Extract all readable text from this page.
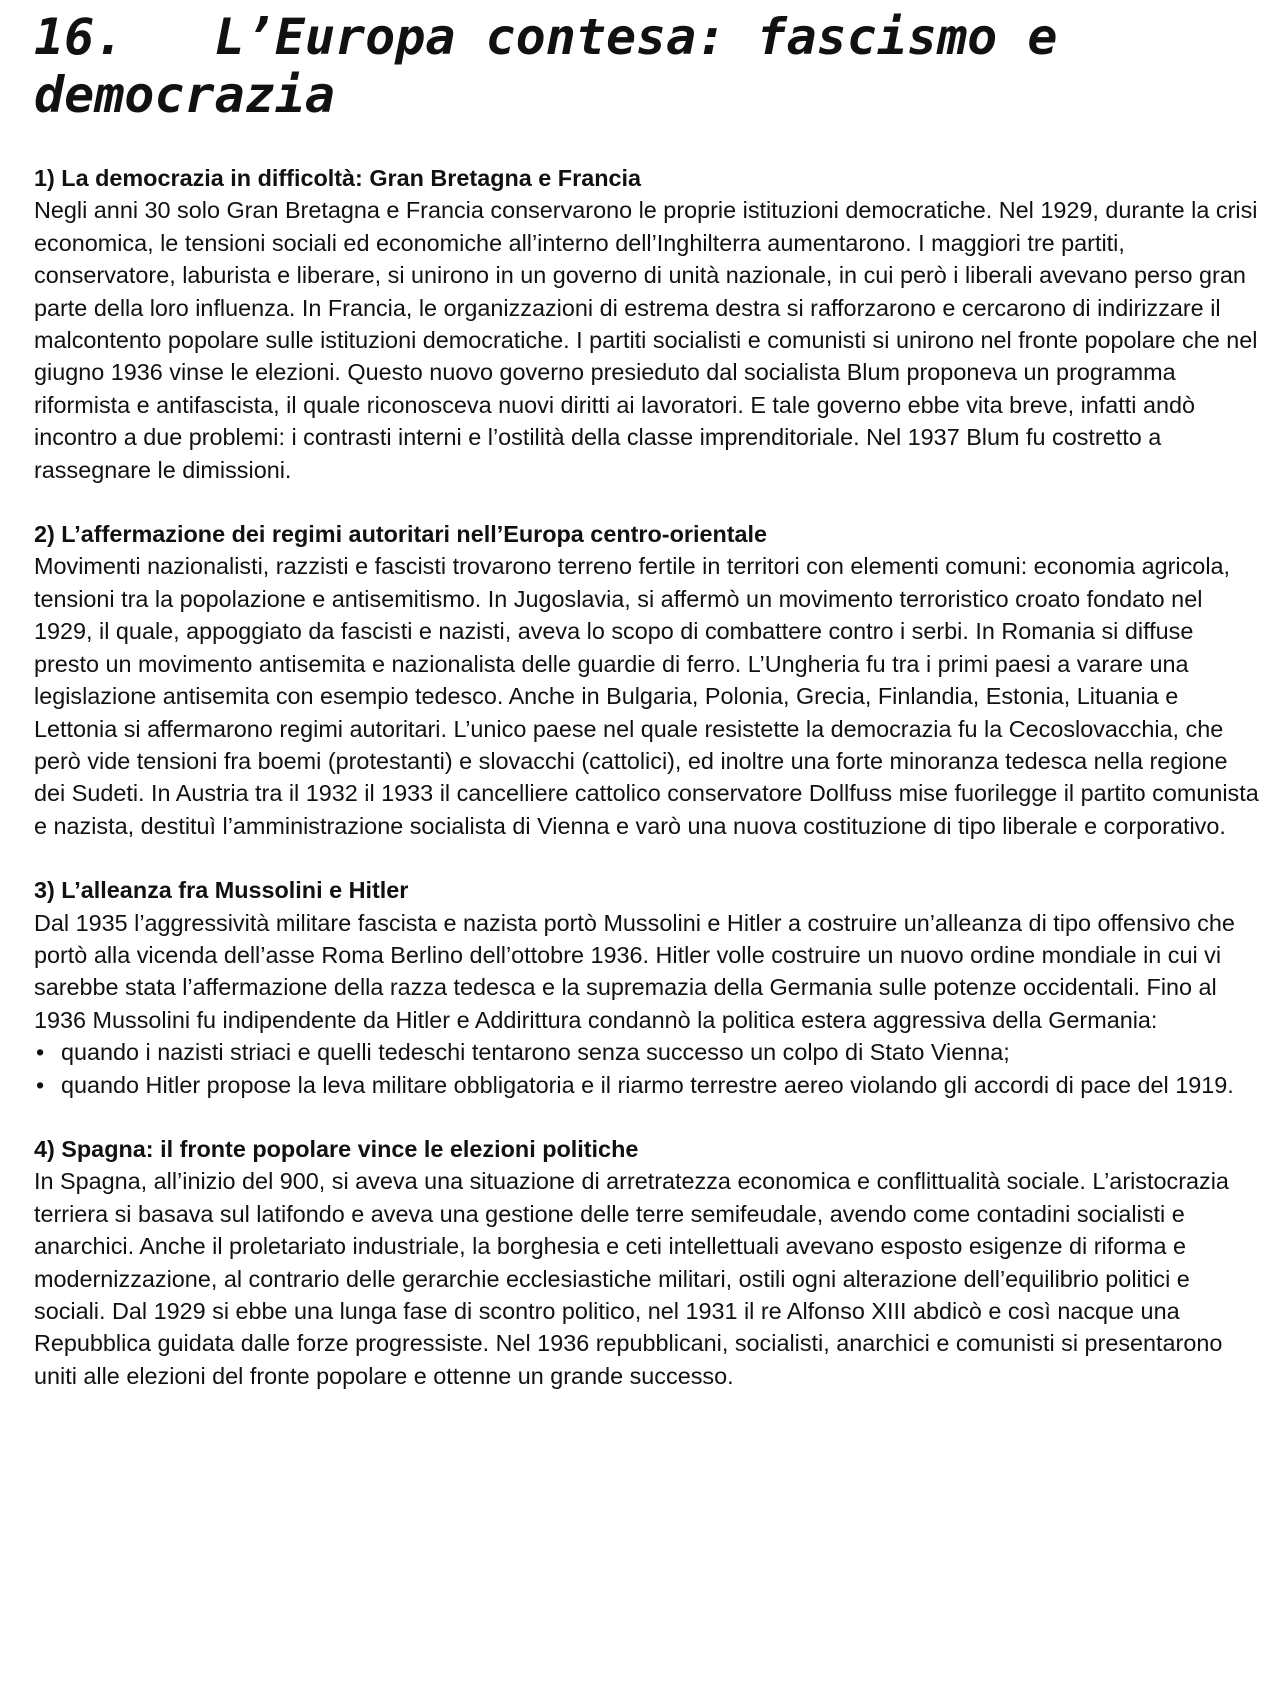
16.   L’Europa contesa: fascismo e democrazia

1) La democrazia in difficoltà: Gran Bretagna e Francia

Negli anni 30 solo Gran Bretagna e Francia conservarono le proprie istituzioni democratiche. Nel 1929, durante la crisi economica, le tensioni sociali ed economiche all’interno dell’Inghilterra aumentarono. I maggiori tre partiti, conservatore, laburista e liberare, si unirono in un governo di unità nazionale, in cui però i liberali avevano perso gran parte della loro influenza. In Francia, le organizzazioni di estrema destra si rafforzarono e cercarono di indirizzare il malcontento popolare sulle istituzioni democratiche. I partiti socialisti e comunisti si unirono nel fronte popolare che nel giugno 1936 vinse le elezioni. Questo nuovo governo presieduto dal socialista Blum proponeva un programma riformista e antifascista, il quale riconosceva nuovi diritti ai lavoratori. E tale governo ebbe vita breve, infatti andò incontro a due problemi: i contrasti interni e l’ostilità della classe imprenditoriale. Nel 1937 Blum fu costretto a rassegnare le dimissioni.

2) L’affermazione dei regimi autoritari nell’Europa centro-orientale

Movimenti nazionalisti, razzisti e fascisti trovarono terreno fertile in territori con elementi comuni: economia agricola, tensioni tra la popolazione e antisemitismo. In Jugoslavia, si affermò un movimento terroristico croato fondato nel 1929, il quale, appoggiato da fascisti e nazisti, aveva lo scopo di combattere contro i serbi. In Romania si diffuse presto un movimento antisemita e nazionalista delle guardie di ferro. L’Ungheria fu tra i primi paesi a varare una legislazione antisemita con esempio tedesco. Anche in Bulgaria, Polonia, Grecia, Finlandia, Estonia, Lituania e Lettonia si affermarono regimi autoritari. L’unico paese nel quale resistette la democrazia fu la Cecoslovacchia, che però vide tensioni fra boemi (protestanti) e slovacchi (cattolici), ed inoltre una forte minoranza tedesca nella regione dei Sudeti. In Austria tra il 1932 il 1933 il cancelliere cattolico conservatore Dollfuss mise fuorilegge il partito comunista e nazista, destituì l’amministrazione socialista di Vienna e varò una nuova costituzione di tipo liberale e corporativo.

3) L’alleanza fra Mussolini e Hitler

Dal 1935 l’aggressività militare fascista e nazista portò Mussolini e Hitler a costruire un’alleanza di tipo offensivo che portò alla vicenda dell’asse Roma Berlino dell’ottobre 1936. Hitler volle costruire un nuovo ordine mondiale in cui vi sarebbe stata l’affermazione della razza tedesca e la supremazia della Germania sulle potenze occidentali. Fino al 1936 Mussolini fu indipendente da Hitler e Addirittura condannò la politica estera aggressiva della Germania:

• quando i nazisti striaci e quelli tedeschi tentarono senza successo un colpo di Stato Vienna;
• quando Hitler propose la leva militare obbligatoria e il riarmo terrestre aereo violando gli accordi di pace del 1919.

4) Spagna: il fronte popolare vince le elezioni politiche

In Spagna, all’inizio del 900, si aveva una situazione di arretratezza economica e conflittualità sociale. L’aristocrazia terriera si basava sul latifondo e aveva una gestione delle terre semifeudale, avendo come contadini socialisti e anarchici. Anche il proletariato industriale, la borghesia e ceti intellettuali avevano esposto esigenze di riforma e modernizzazione, al contrario delle gerarchie ecclesiastiche militari, ostili ogni alterazione dell’equilibrio politici e sociali. Dal 1929 si ebbe una lunga fase di scontro politico, nel 1931 il re Alfonso XIII abdicò e così nacque una Repubblica guidata dalle forze progressiste. Nel 1936 repubblicani, socialisti, anarchici e comunisti si presentarono uniti alle elezioni del fronte popolare e ottenne un grande successo.
